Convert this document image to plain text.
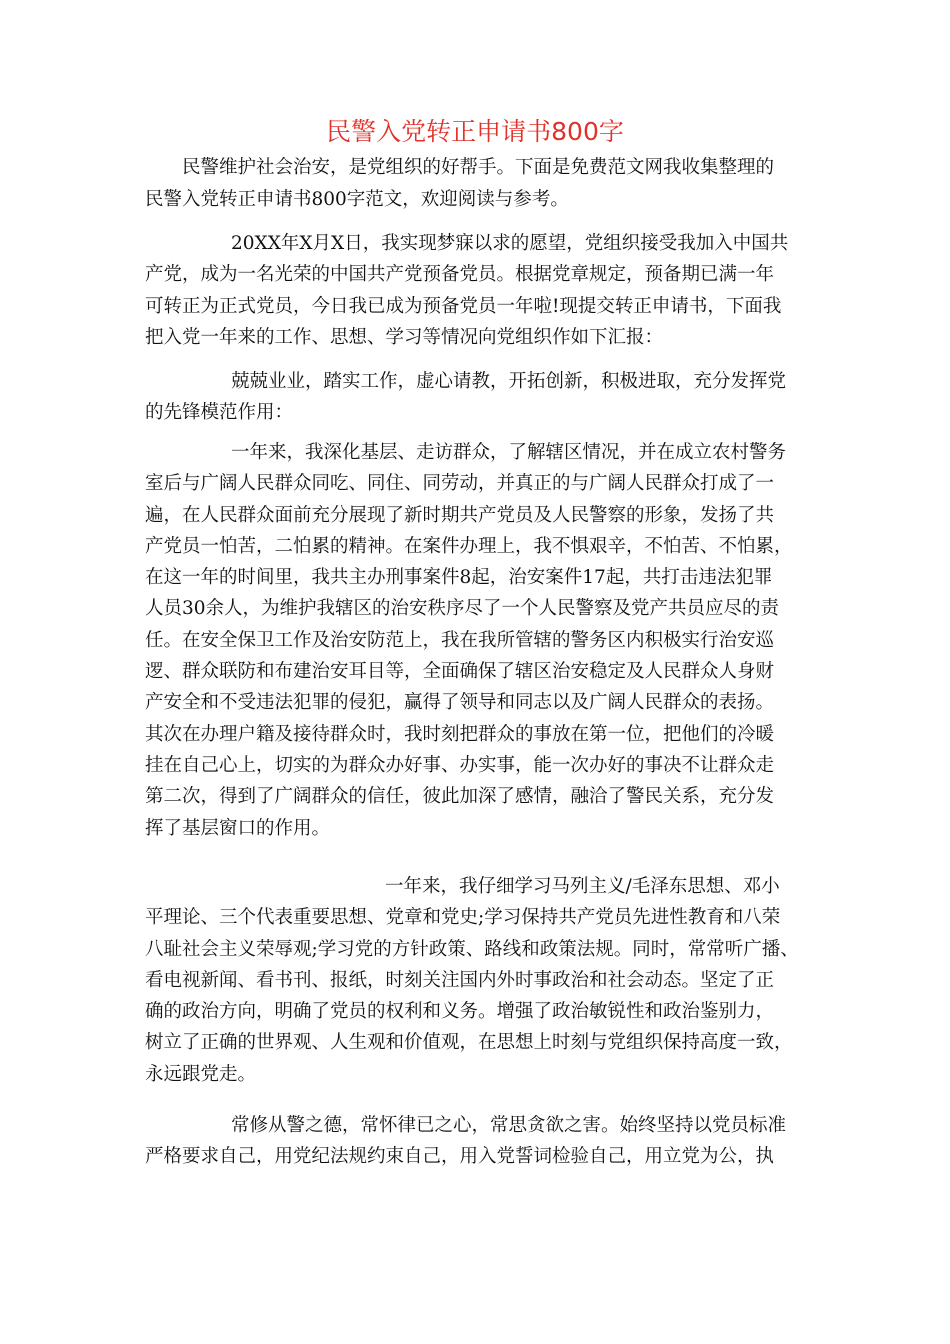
民警入党转正申请书800字

民警维护社会治安，是党组织的好帮手。下面是免费范文网我收集整理的

民警入党转正申请书800字范文，欢迎阅读与参考。

20XX年X月X日，我实现梦寐以求的愿望，党组织接受我加入中国共

产党，成为一名光荣的中国共产党预备党员。根据党章规定，预备期已满一年

可转正为正式党员，今日我已成为预备党员一年啦!现提交转正申请书，下面我

把入党一年来的工作、思想、学习等情况向党组织作如下汇报：

兢兢业业，踏实工作，虚心请教，开拓创新，积极进取，充分发挥党

的先锋模范作用：

一年来，我深化基层、走访群众，了解辖区情况，并在成立农村警务

室后与广阔人民群众同吃、同住、同劳动，并真正的与广阔人民群众打成了一

遍，在人民群众面前充分展现了新时期共产党员及人民警察的形象，发扬了共

产党员一怕苦，二怕累的精神。在案件办理上，我不惧艰辛，不怕苦、不怕累，

在这一年的时间里，我共主办刑事案件8起，治安案件17起，共打击违法犯罪

人员30余人，为维护我辖区的治安秩序尽了一个人民警察及党产共员应尽的责

任。在安全保卫工作及治安防范上，我在我所管辖的警务区内积极实行治安巡

逻、群众联防和布建治安耳目等，全面确保了辖区治安稳定及人民群众人身财

产安全和不受违法犯罪的侵犯，赢得了领导和同志以及广阔人民群众的表扬。

其次在办理户籍及接待群众时，我时刻把群众的事放在第一位，把他们的冷暖

挂在自己心上，切实的为群众办好事、办实事，能一次办好的事决不让群众走

第二次，得到了广阔群众的信任，彼此加深了感情，融洽了警民关系，充分发

挥了基层窗口的作用。

一年来，我仔细学习马列主义/毛泽东思想、邓小

平理论、三个代表重要思想、党章和党史;学习保持共产党员先进性教育和八荣

八耻社会主义荣辱观;学习党的方针政策、路线和政策法规。同时，常常听广播、

看电视新闻、看书刊、报纸，时刻关注国内外时事政治和社会动态。坚定了正

确的政治方向，明确了党员的权利和义务。增强了政治敏锐性和政治鉴别力，

树立了正确的世界观、人生观和价值观，在思想上时刻与党组织保持高度一致，

永远跟党走。

常修从警之德，常怀律已之心，常思贪欲之害。始终坚持以党员标准

严格要求自己，用党纪法规约束自己，用入党誓词检验自己，用立党为公，执
